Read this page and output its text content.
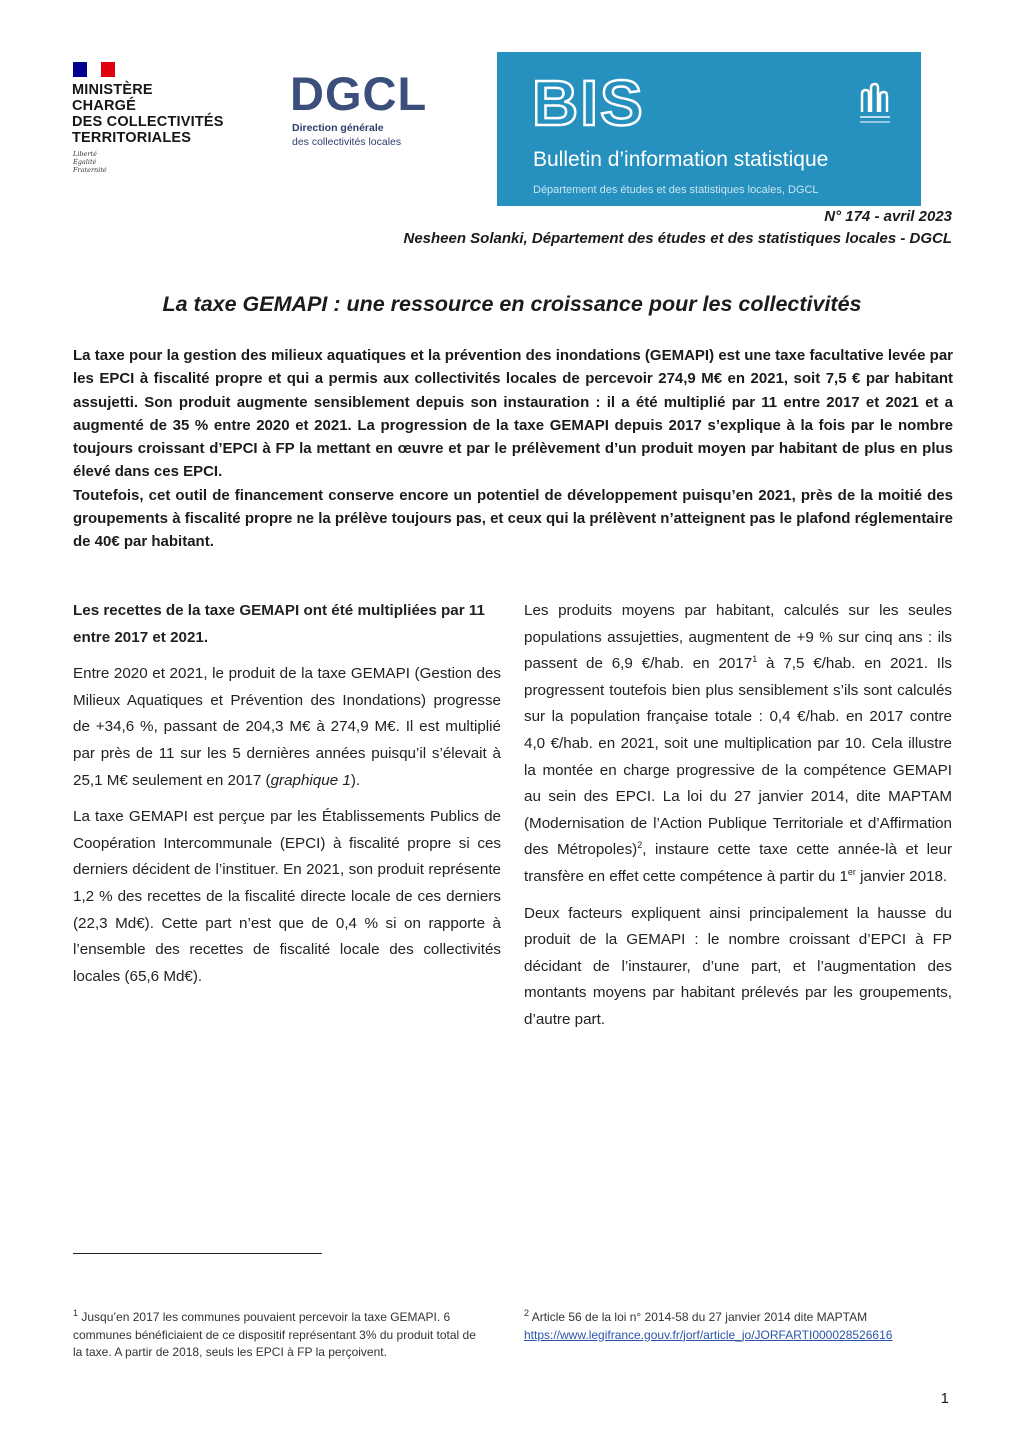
MINISTÈRE
CHARGÉ
DES COLLECTIVITÉS
TERRITORIALES
Liberté
Égalité
Fraternité
DGCL
Direction générale
des collectivités locales
BIS
Bulletin d’information statistique
Département des études et des statistiques locales, DGCL
N° 174 - avril 2023
Nesheen Solanki, Département des études et des statistiques locales - DGCL
La taxe GEMAPI : une ressource en croissance pour les collectivités

La taxe pour la gestion des milieux aquatiques et la prévention des inondations (GEMAPI) est une taxe facultative levée par les EPCI à fiscalité propre et qui a permis aux collectivités locales de percevoir 274,9 M€ en 2021, soit 7,5 € par habitant assujetti. Son produit augmente sensiblement depuis son instauration : il a été multiplié par 11 entre 2017 et 2021 et a augmenté de 35 % entre 2020 et 2021. La progression de la taxe GEMAPI depuis 2017 s’explique à la fois par le nombre toujours croissant d’EPCI à FP la mettant en œuvre et par le prélèvement d’un produit moyen par habitant de plus en plus élevé dans ces EPCI.

Toutefois, cet outil de financement conserve encore un potentiel de développement puisqu’en 2021, près de la moitié des groupements à fiscalité propre ne la prélève toujours pas, et ceux qui la prélèvent n’atteignent pas le plafond réglementaire de 40€ par habitant.

Les recettes de la taxe GEMAPI ont été multipliées par 11 entre 2017 et 2021.

Entre 2020 et 2021, le produit de la taxe GEMAPI (Gestion des Milieux Aquatiques et Prévention des Inondations) progresse de +34,6 %, passant de 204,3 M€ à 274,9 M€. Il est multiplié par près de 11 sur les 5 dernières années puisqu’il s’élevait à 25,1 M€ seulement en 2017 (graphique 1).

La taxe GEMAPI est perçue par les Établissements Publics de Coopération Intercommunale (EPCI) à fiscalité propre si ces derniers décident de l’instituer. En 2021, son produit représente 1,2 % des recettes de la fiscalité directe locale de ces derniers (22,3 Md€). Cette part n’est que de 0,4 % si on rapporte à l’ensemble des recettes de fiscalité locale des collectivités locales (65,6 Md€).

Les produits moyens par habitant, calculés sur les seules populations assujetties, augmentent de +9 % sur cinq ans : ils passent de 6,9 €/hab. en 2017$^1$ à 7,5 €/hab. en 2021. Ils progressent toutefois bien plus sensiblement s’ils sont calculés sur la population française totale : 0,4 €/hab. en 2017 contre 4,0 €/hab. en 2021, soit une multiplication par 10. Cela illustre la montée en charge progressive de la compétence GEMAPI au sein des EPCI. La loi du 27 janvier 2014, dite MAPTAM (Modernisation de l’Action Publique Territoriale et d’Affirmation des Métropoles)$^2$, instaure cette taxe cette année-là et leur transfère en effet cette compétence à partir du 1er janvier 2018.

Deux facteurs expliquent ainsi principalement la hausse du produit de la GEMAPI : le nombre croissant d’EPCI à FP décidant de l’instaurer, d’une part, et l’augmentation des montants moyens par habitant prélevés par les groupements, d’autre part.

$^1$ Jusqu’en 2017 les communes pouvaient percevoir la taxe GEMAPI. 6 communes bénéficiaient de ce dispositif représentant 3% du produit total de la taxe. A partir de 2018, seuls les EPCI à FP la perçoivent.
$^2$ Article 56 de la loi n° 2014-58 du 27 janvier 2014 dite MAPTAM
https://www.legifrance.gouv.fr/jorf/article_jo/JORFARTI000028526616
1
